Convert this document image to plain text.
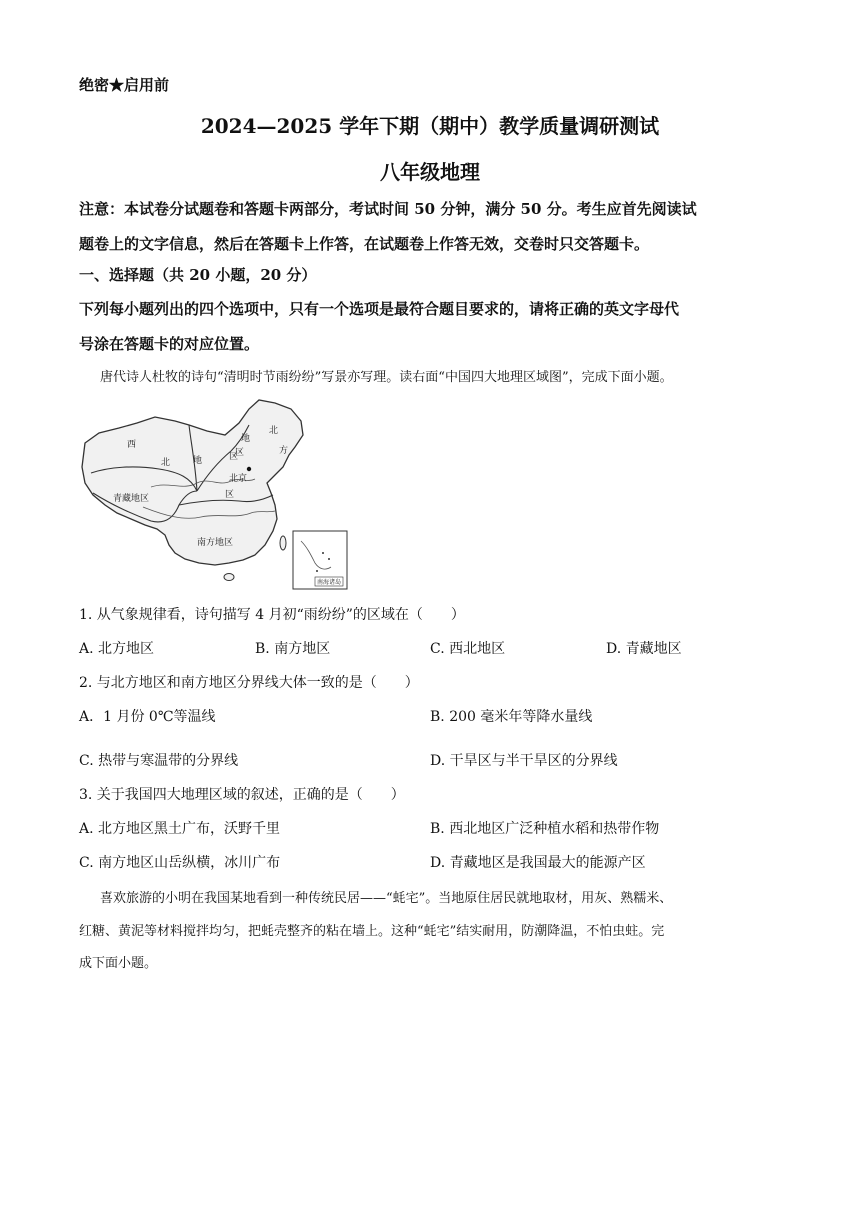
绝密★启用前
2024—2025 学年下期（期中）教学质量调研测试
八年级地理
注意：本试卷分试题卷和答题卡两部分，考试时间 50 分钟，满分 50 分。考生应首先阅读试
题卷上的文字信息，然后在答题卡上作答，在试题卷上作答无效，交卷时只交答题卡。
一、选择题（共 20 小题，20 分）
下列每小题列出的四个选项中，只有一个选项是最符合题目要求的，请将正确的英文字母代
号涂在答题卡的对应位置。
唐代诗人杜牧的诗句“清明时节雨纷纷”写景亦写理。读右面“中国四大地理区域图”，完成下面小题。
西
北	地	区
北
方
区
地
区
北京
青藏地区
南方地区
南海诸岛
1. 从气象规律看，诗句描写 4 月初“雨纷纷”的区域在（　　）
A. 北方地区	B. 南方地区	C. 西北地区	D. 青藏地区
2. 与北方地区和南方地区分界线大体一致的是（　　）
A．1 月份 0℃等温线	B. 200 毫米年等降水量线
C. 热带与寒温带的分界线	D. 干旱区与半干旱区的分界线
3. 关于我国四大地理区域的叙述，正确的是（　　）
A. 北方地区黑土广布，沃野千里	B. 西北地区广泛种植水稻和热带作物
C. 南方地区山岳纵横，冰川广布	D. 青藏地区是我国最大的能源产区
喜欢旅游的小明在我国某地看到一种传统民居——“蚝宅”。当地原住居民就地取材，用灰、熟糯米、
红糖、黄泥等材料搅拌均匀，把蚝壳整齐的粘在墙上。这种“蚝宅”结实耐用，防潮降温，不怕虫蛀。完
成下面小题。
